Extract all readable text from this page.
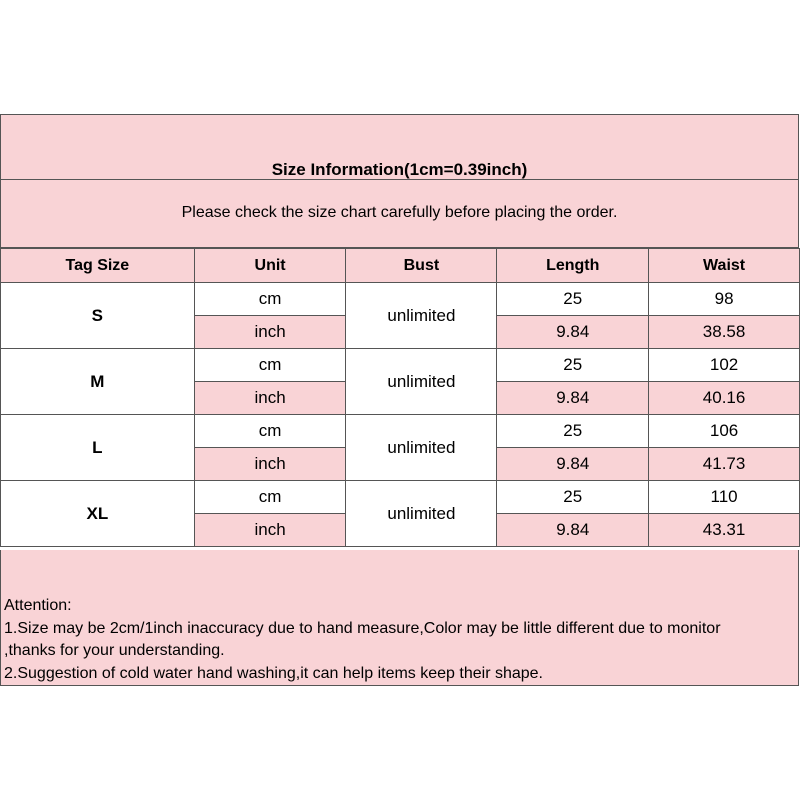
Size Information(1cm=0.39inch)
Please check the size chart carefully before placing the order.
Tag Size	Unit	Bust	Length	Waist
S	cm	unlimited	25	98
	inch		9.84	38.58
M	cm	unlimited	25	102
	inch		9.84	40.16
L	cm	unlimited	25	106
	inch		9.84	41.73
XL	cm	unlimited	25	110
	inch		9.84	43.31
Attention:
1.Size may be 2cm/1inch inaccuracy due to hand measure,Color may be little different due to monitor
,thanks for your understanding.
2.Suggestion of cold water hand washing,it can help items keep their shape.
